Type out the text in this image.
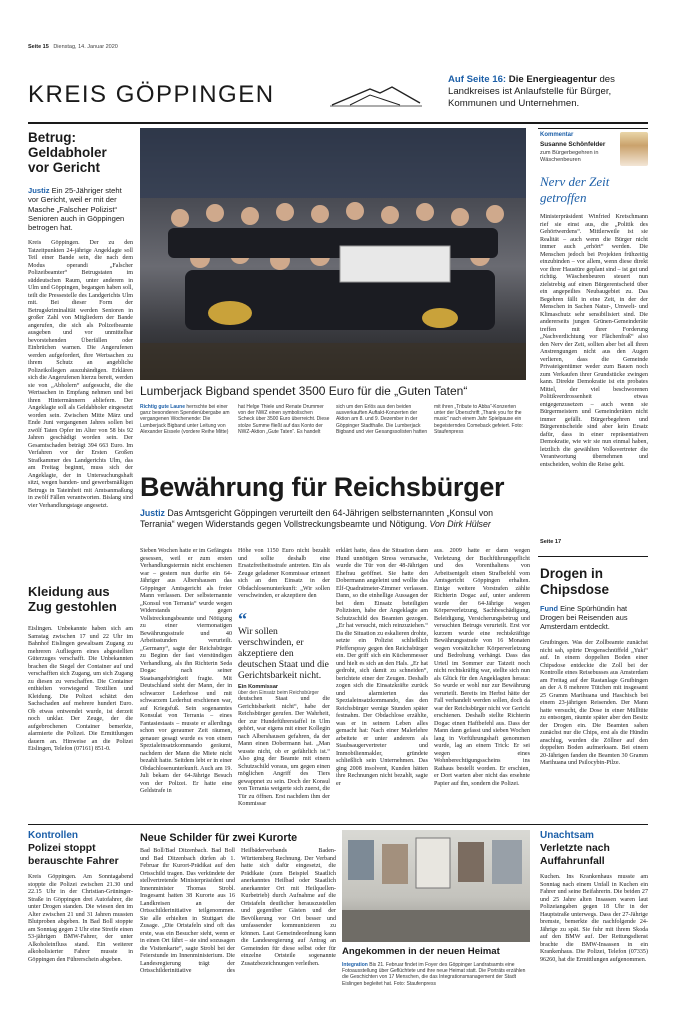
Seite 15 Dienstag, 14. Januar 2020
KREIS GÖPPINGEN
Auf Seite 16: Die Energieagentur des Landkreises ist Anlaufstelle für Bürger, Kommunen und Unternehmen.
Betrug: Geldabholer vor Gericht
Justiz Ein 25-Jähriger steht vor Gericht, weil er mit der Masche „Falscher Polizist“ Senioren auch in Göppingen betrogen hat.
Kreis Göppingen. Der zu den Tatzeitpunkten 24-jährige Angeklagte soll Teil einer Bande sein, die nach dem Modus operandi „Falscher Polizeibeamter“ Betrugstaten im süddeutschen Raum, unter anderem in Ulm und Göppingen, begangen haben soll, teilt die Pressestelle des Landgerichts Ulm mit. Bei dieser Form der Betrugskriminalität werden Senioren in großer Zahl von Mitgliedern der Bande angerufen, die sich als Polizeibeamte ausgeben und vor unmittelbar bevorstehenden Überfällen oder Einbrüchen warnen. Die Angerufenen werden aufgefordert, ihre Wertsachen zu ihrem Schutz an angebliche Polizeikollegen auszuhändigen. Erklären sich die Angerufenen hierzu bereit, werden sie von „Abholern“ aufgesucht, die die Wertsachen in Empfang nehmen und bei ihren Hintermännern abliefern. Der Angeklagte soll als Geldabholer eingesetzt worden sein. Zwischen Mitte März und Ende Juni vergangenen Jahres sollen bei zwölf Taten Opfer im Alter von 58 bis 92 Jahren geschädigt worden sein. Der Gesamtschaden beträgt 394 663 Euro. Im Verfahren vor der Ersten Großen Strafkammer des Landgerichts Ulm, das am Freitag beginnt, muss sich der Angeklagte, der in Untersuchungshaft sitzt, wegen banden- und gewerbsmäßigen Betrugs in Tateinheit mit Amtsanmaßung in zwölf Fällen verantworten. Bislang sind vier Verhandlungstage angesetzt.
Kleidung aus Zug gestohlen
Eislingen. Unbekannte haben sich am Samstag zwischen 17 und 22 Uhr im Bahnhof Eislingen gewaltsam Zugang zu mehreren Aufliegern eines abgestellten Güterzuges verschafft. Die Unbekannten brachen die Siegel der Container auf und verschafften sich Zugang, um sich Zugang zu diesen zu verschaffen. Die Container enthielten vorwiegend Textilien und Kleidung. Die Polizei schätzt den Sachschaden auf mehrere hundert Euro. Ob etwas entwendet wurde, ist derzeit noch unklar. Der Zeuge, der die aufgebrochenen Container bemerkte, alarmierte die Polizei. Die Ermittlungen dauern an. Hinweise an die Polizei Eislingen, Telefon (07161) 851-0.
Lumberjack Bigband spendet 3500 Euro für die „Guten Taten“
Richtig gute Laune herrschte bei einer ganz besonderen Spendenübergabe am vergangenen Wochenende: Die Lumberjack Bigband unter Leitung von Alexander Eissele (vordere Reihe Mitte) hat Helge Thiele und Renate Drummer von der NWZ einen symbolischen Scheck über 3500 Euro überreicht. Diese stolze Summe fließt auf das Konto der NWZ-Aktion „Gute Taten“. Es handelt sich um den Erlös aus den beiden ausverkauften Auftakt-Konzerten der Aktion am 8. und 9. Dezember in der Göppinger Stadthalle. Die Lumberjack Bigband und vier Gesangssolisten hatten mit ihren „Tribute to Abba“-Konzerten unter der Überschrift „Thank you for the music“ nach einem Jahr Spielpause ein begeisterndes Comeback gefeiert. Foto: Staufenpress
Bewährung für Reichsbürger
Justiz Das Amtsgericht Göppingen verurteilt den 64-Jährigen selbsternannten „Konsul von Terrania“ wegen Widerstands gegen Vollstreckungsbeamte und Nötigung. Von Dirk Hülser
Sieben Wochen hatte er im Gefängnis gesessen, weil er zum ersten Verhandlungstermin nicht erschienen war – gestern nun durfte ein 64-Jähriger aus Albershausen das Göppinger Amtsgericht als freier Mann verlassen. Der selbsternannte „Konsul von Terrania“ wurde wegen Widerstands gegen Vollstreckungsbeamte und Nötigung zu einer viermonatigen Bewährungsstrafe und 40 Arbeitsstunden verurteilt. „Germany“, sagte der Reichsbürger zu Beginn der fast vierstündigen Verhandlung, als ihn Richterin Seda Dogac nach seiner Staatsangehörigkeit fragte. Mit Deutschland steht der Mann, der in schwarzer Lederhose und mit schwarzem Lederhut erschienen war, auf Kriegsfuß. Sein sogenanntes Konsulat von Terrania – eines Fantasiestaats – musste er allerdings schon vor geraumer Zeit räumen, genauer gesagt wurde es von einem Spezialeinsatzkommando geräumt, nachdem der Mann die Miete nicht bezahlt hatte. Seitdem lebt er in einer Obdachlosenunterkunft. Auch am 19. Juli bekam der 64-Jährige Besuch von der Polizei. Er hatte eine Geldstrafe in
Höhe von 1150 Euro nicht bezahlt und sollte deshalb eine Ersatzfreiheitsstrafe antreten. Ein als Zeuge geladener Kommissar erinnert sich an den Einsatz in der Obdachlosenunterkunft: „Wir sollen verschwinden, er akzeptiere den
“
Wir sollen verschwinden, er akzeptiere den deutschen Staat und die Gerichtsbarkeit nicht.
Ein Kommissar
über den Einsatz beim Reichsbürger
deutschen Staat und die Gerichtsbarkeit nicht“, habe der Reichsbürger gerufen. Der Wahrheit, der zur Hundeführerstaffel in Ulm gehört, war eigens mit einer Kollegin nach Albershausen gefahren, da der Mann einen Dobermann hat. „Man wusste nicht, ob er gefährlich ist.“ Also ging der Beamte mit einem Schutzschild voraus, um gegen einen möglichen Angriff des Tiers gewappnet zu sein. Doch der Konsul von Terrania weigerte sich zuerst, die Tür zu öffnen. Erst nachdem ihm der Kommissar
erklärt hatte, dass die Situation dann Hund unnötigen Stress verursache, wurde die Tür von der 48-Jährigen Ehefrau geöffnet. Sie hatte den Dobermann angeleint und wollte das Elf-Quadratmeter-Zimmer verlassen. Dann, so die einhellige Aussagen der bei dem Einsatz beteiligten Polizisten, habe der Angeklagte am Schutzschild des Beamten gezogen. „Er hat versucht, mich reinzuziehen.“ Da die Situation zu eskalieren drohte, setzte ein Polizist schließlich Pfefferspray gegen den Reichsbürger ein. Der griff sich ein Küchenmesser und hielt es sich an den Hals. „Er hat gedroht, sich damit zu schneiden“, berichtete einer der Zeugen. Deshalb zogen sich die Einsatzkräfte zurück und alarmierten das Spezialeinsatzkommando, das den Reichsbürger wenige Stunden später festnahm. Der Obdachlose erzählte, was er in seinem Leben alles gemacht hat: Nach einer Malerlehre arbeitete er unter anderem als Staubsaugervertreter und Immobilienmakler, gründete schließlich sein Unternehmen. Das ging 2008 insolvent, Kunden hätten ihre Rechnungen nicht bezahlt, sagte er
aus. 2009 hatte er dann wegen Verletzung der Buchführungspflicht und des Vorenthaltens von Arbeitsentgelt einen Strafbefehl vom Amtsgericht Göppingen erhalten. Einige weitere Vorstrafen zählte Richterin Dogac auf, unter anderem wurde der 64-Jährige wegen Körperverletzung, Sachbeschädigung, Beleidigung, Versicherungsbetrug und versuchten Betrugs verurteilt. Erst vor kurzem wurde eine rechtskräftige Bewährungsstrafe von 16 Monaten wegen vorsätzlicher Körperverletzung und Bedrohung verhängt. Dass das Urteil im Sommer zur Tatzeit noch nicht rechtskräftig war, stellte sich nun als Glück für den Angeklagten heraus: So wurde er wohl nur zur Bewährung verurteilt. Bereits im Herbst hätte der Fall verhandelt werden sollen, doch da war der Reichsbürger nicht vor Gericht erschienen. Deshalb stellte Richterin Dogac einen Haftbefehl aus. Dass der Mann dann gefasst und sieben Wochen lang in Vorführungshaft genommen wurde, lag an einem Trick: Er sei wegen eines Wohnberechtigungsscheins ins Rathaus bestellt worden. Er erschien, er Dort warten aber nicht das ersehnte Papier auf ihn, sondern die Polizei.
Kommentar
Susanne Schönfelder
zum Bürgerbegehren in Wäschenbeuren
Nerv der Zeit getroffen
Ministerpräsident Winfried Kretschmann rief sie einst aus, die „Politik des Gehörtwerdens“. Mittlerweile ist sie Realität – auch wenn die Bürger nicht immer auch „erhört“ werden. Die Menschen jedoch bei Projekten frühzeitig einzubinden – vor allem, wenn diese direkt vor ihrer Haustüre geplant sind – ist gut und richtig. Wäschenbeuren steuert nun zielstrebig auf einen Bürgerentscheid über ein angepeiltes Neubaugebiet zu. Das Begehren fällt in eine Zeit, in der der Menschen in Sachen Natur-, Umwelt- und Klimaschutz sehr sensibilisiert sind. Die andererseits jungen Grünen-Gemeinderäte treffen mit ihrer Forderung „Nachverdichtung vor Flächenfraß“ also den Nerv der Zeit, sollten aber bei all ihren Anstrengungen nicht aus den Augen verlieren, dass die Gemeinde Privateigentümer weder zum Bauen noch zum Verkaufen ihrer Grundstücke zwingen kann. Direkte Demokratie ist ein probates Mittel, der viel beschworenen Politikverdrossenheit etwas entgegenzusetzen – auch wenn sie Bürgermeistern und Gemeinderäten nicht immer gefällt. Bürgerbegehren und Bürgerentscheide sind aber kein Ersatz dafür, dass in einer repräsentativen Demokratie, wie wir sie nun einmal haben, letztlich die gewählten Volksvertreter die Verantwortung übernehmen und entscheiden, wohin die Reise geht.
Seite 17
Drogen in Chipsdose
Fund Eine Spürhündin hat Drogen bei Reisenden aus Amsterdam entdeckt.
Gruibingen. Was der Zollbeamte zunächst nicht sah, spürte Drogenschnüffeld „Yuki“ auf. In einem doppelten Boden einer Chipsdose entdeckte die Zoll bei der Kontrolle eines Reisebusses aus Amsterdam am Freitag auf der Rastanlage Gruibingen an der A 8 mehrere Tütchen mit insgesamt 25 Gramm Marihuana und Haschisch bei einem 23-jährigen Reisenden. Der Mann hatte versucht, die Dose in einer Mülltüte zu entsorgen, räumte später aber den Besitz der Drogen ein. Die Beamten sahen zunächst nur die Chips, erst als die Hündin anschlug, wurden die Zöllner auf den doppelten Boden aufmerksam. Bei einem 20-Jährigen fanden die Beamten 30 Gramm Marihuana und Psilocybin-Pilze.
Kontrollen
Polizei stoppt berauschte Fahrer
Kreis Göppingen. Am Sonntagabend stoppte die Polizei zwischen 21.30 und 22.15 Uhr in der Christian-Grüninger-Straße in Göppingen drei Autofahrer, die unter Drogen standen. Die wiesen den im Alter zwischen 21 und 31 Jahren mussten Blutproben abgeben. In Bad Boll stoppte am Sonntag gegen 2 Uhr eine Streife einen 53-jährigen BMW-Fahrer, der unter Alkoholeinfluss stand. Ein weiterer alkoholisierter Fahrer musste in Göppingen den Führerschein abgeben.
Neue Schilder für zwei Kurorte
Bad Boll/Bad Ditzenbach. Bad Boll und Bad Ditzenbach dürfen ab 1. Februar ihr Kurort-Prädikat auf den Ortsschild tragen. Das verkündete der stellvertretende Ministerpräsident und Innenminister Thomas Strobl. Insgesamt hatten 38 Kurorte aus 16 Landkreisen an der Ortsschilderinitiative teilgenommen. Sie alle erhielten in Stuttgart die Zusage. „Die Ortstafeln sind oft das erste, was ein Besucher sieht, wenn er in einen Ort fährt – sie sind sozusagen die Visitenkarte“, sagte Strobl bei der Feierstunde im Innenministerium. Die Landesregierung trägt der Ortsschilderinitiative des Heilbäderverbands Baden-Württemberg Rechnung. Der Verband hatte sich dafür eingesetzt, die Prädikate (zum Beispiel Staatlich anerkanntes Heilbad oder Staatlich anerkannter Ort mit Heilquellen-Kurbetrieb) durch Aufnahme auf die Ortstafeln deutlicher herauszustellen und gegenüber Gästen und der Bevölkerung vor Ort besser und umfassender kommunizieren zu können. Laut Gemeindeordnung kann die Landesregierung auf Antrag an Gemeinden für diese selbst oder für einzelne Ortsteile sogenannte Zusatzbezeichnungen verleihen.
Angekommen in der neuen Heimat
Integration Bis 21. Februar findet im Foyer des Göppinger Landratsamts eine Fotoausstellung über Geflüchtete und ihre neue Heimat statt. Die Porträts erzählen die Geschichten von 17 Menschen, die das Integrationsmanagement der Stadt Eislingen begleitet hat. Foto: Staufenpress
Unachtsam
Verletzte nach Auffahrunfall
Kuchen. Ins Krankenhaus musste am Sonntag nach einem Unfall in Kuchen ein Fahrer und seine Beifahrerin. Die beiden 27 und 25 Jahre alten Insassen waren laut Polizeiangaben gegen 18 Uhr in der Hauptstraße unterwegs. Dass der 27-Jährige bremste, bemerkte die nachfolgende 24-Jährige zu spät. Sie fuhr mit ihrem Skoda auf den BMW auf. Der Rettungsdienst brachte die BMW-Insassen in ein Krankenhaus. Die Polizei, Telefon (07335) 96260, hat die Ermittlungen aufgenommen.
